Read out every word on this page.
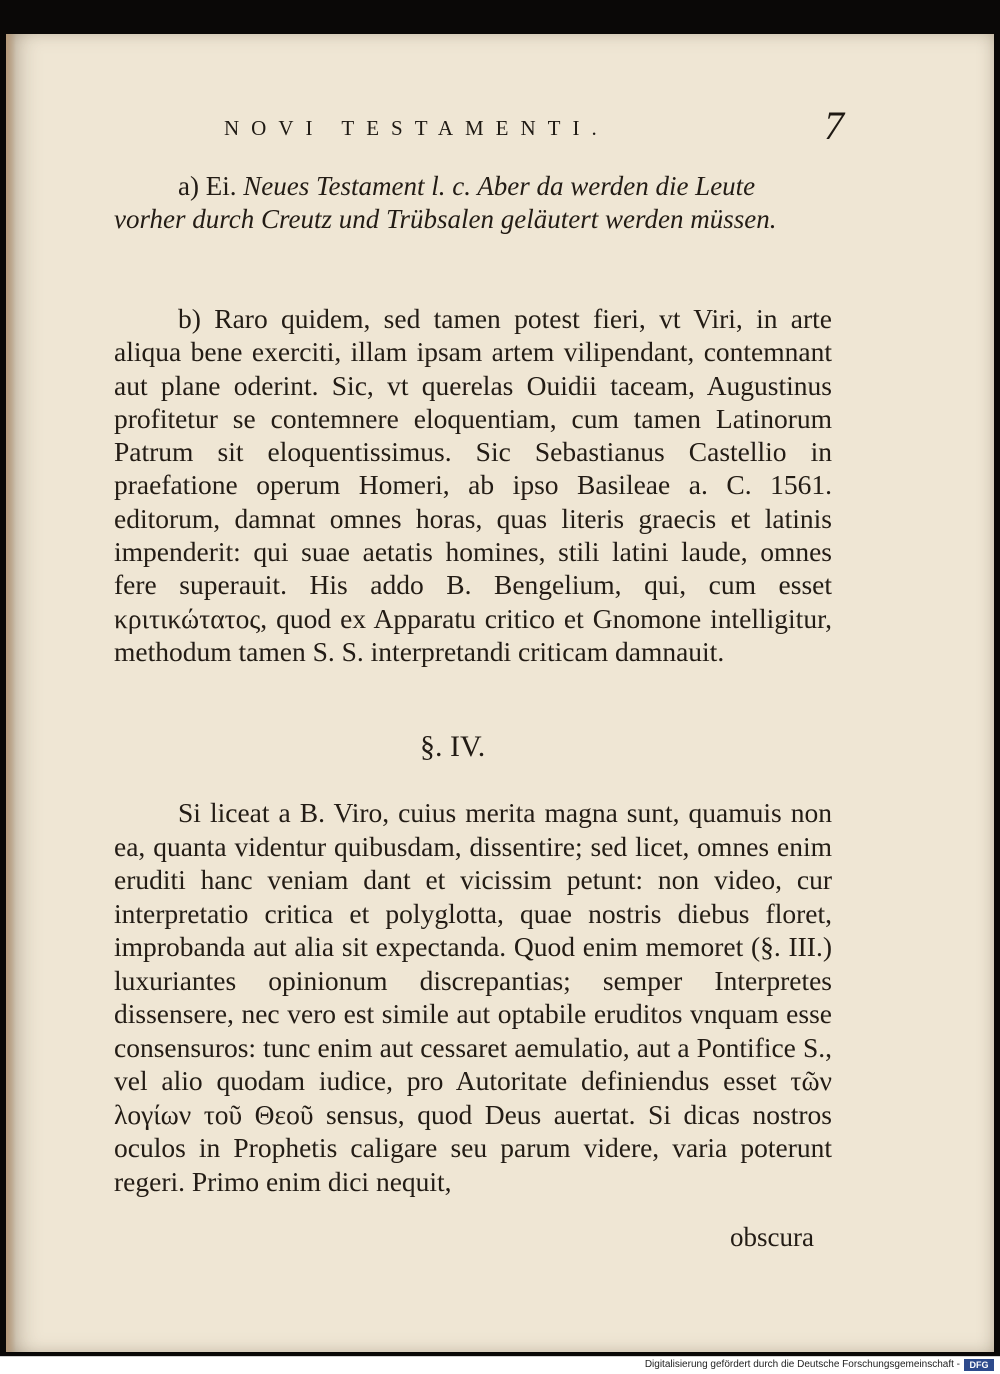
NOVI TESTAMENTI.	7

a) Ei. Neues Testament l. c. Aber da werden die Leute vorher durch Creutz und Trübsalen geläutert werden müssen.

b) Raro quidem, sed tamen potest fieri, vt Viri, in arte aliqua bene exerciti, illam ipsam artem vilipendant, contemnant aut plane oderint. Sic, vt querelas Ouidii taceam, Augustinus profitetur se contemnere eloquentiam, cum tamen Latinorum Patrum sit eloquentissimus. Sic Sebastianus Castellio in praefatione operum Homeri, ab ipso Basileae a. C. 1561. editorum, damnat omnes horas, quas literis graecis et latinis impenderit: qui suae aetatis homines, stili latini laude, omnes fere superauit. His addo B. Bengelium, qui, cum esset κριτικώτατος, quod ex Apparatu critico et Gnomone intelligitur, methodum tamen S. S. interpretandi criticam damnauit.

§. IV.

Si liceat a B. Viro, cuius merita magna sunt, quamuis non ea, quanta videntur quibusdam, dissentire; sed licet, omnes enim eruditi hanc veniam dant et vicissim petunt: non video, cur interpretatio critica et polyglotta, quae nostris diebus floret, improbanda aut alia sit expectanda. Quod enim memoret (§. III.) luxuriantes opinionum discrepantias; semper Interpretes dissensere, nec vero est simile aut optabile eruditos vnquam esse consensuros: tunc enim aut cessaret aemulatio, aut a Pontifice S., vel alio quodam iudice, pro Autoritate definiendus esset τῶν λογίων τοῦ Θεοῦ sensus, quod Deus auertat. Si dicas nostros oculos in Prophetis caligare seu parum videre, varia poterunt regeri. Primo enim dici nequit,

obscura
Digitalisierung gefördert durch die Deutsche Forschungsgemeinschaft -	DFG
